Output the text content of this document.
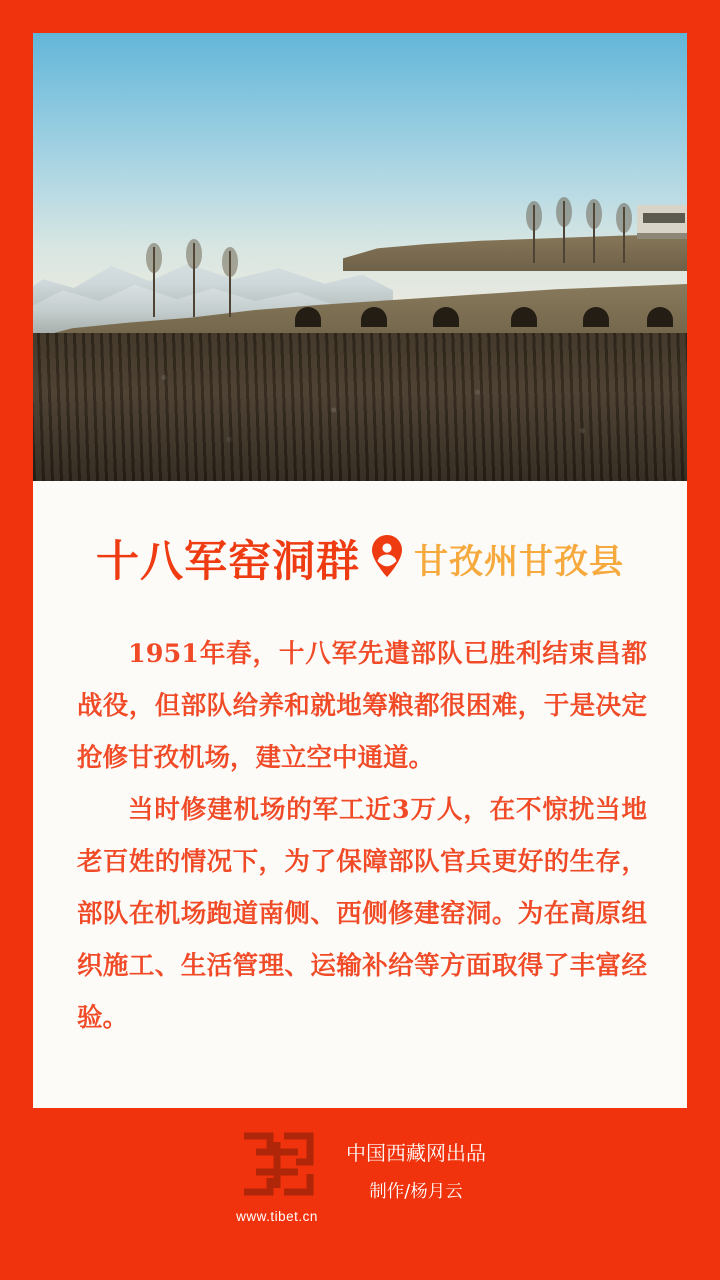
十八军窑洞群 甘孜州甘孜县

1951年春，十八军先遣部队已胜利结束昌都战役，但部队给养和就地筹粮都很困难，于是决定抢修甘孜机场，建立空中通道。

当时修建机场的军工近3万人，在不惊扰当地老百姓的情况下，为了保障部队官兵更好的生存，部队在机场跑道南侧、西侧修建窑洞。为在高原组织施工、生活管理、运输补给等方面取得了丰富经验。

www.tibet.cn
中国西藏网出品
制作/杨月云
